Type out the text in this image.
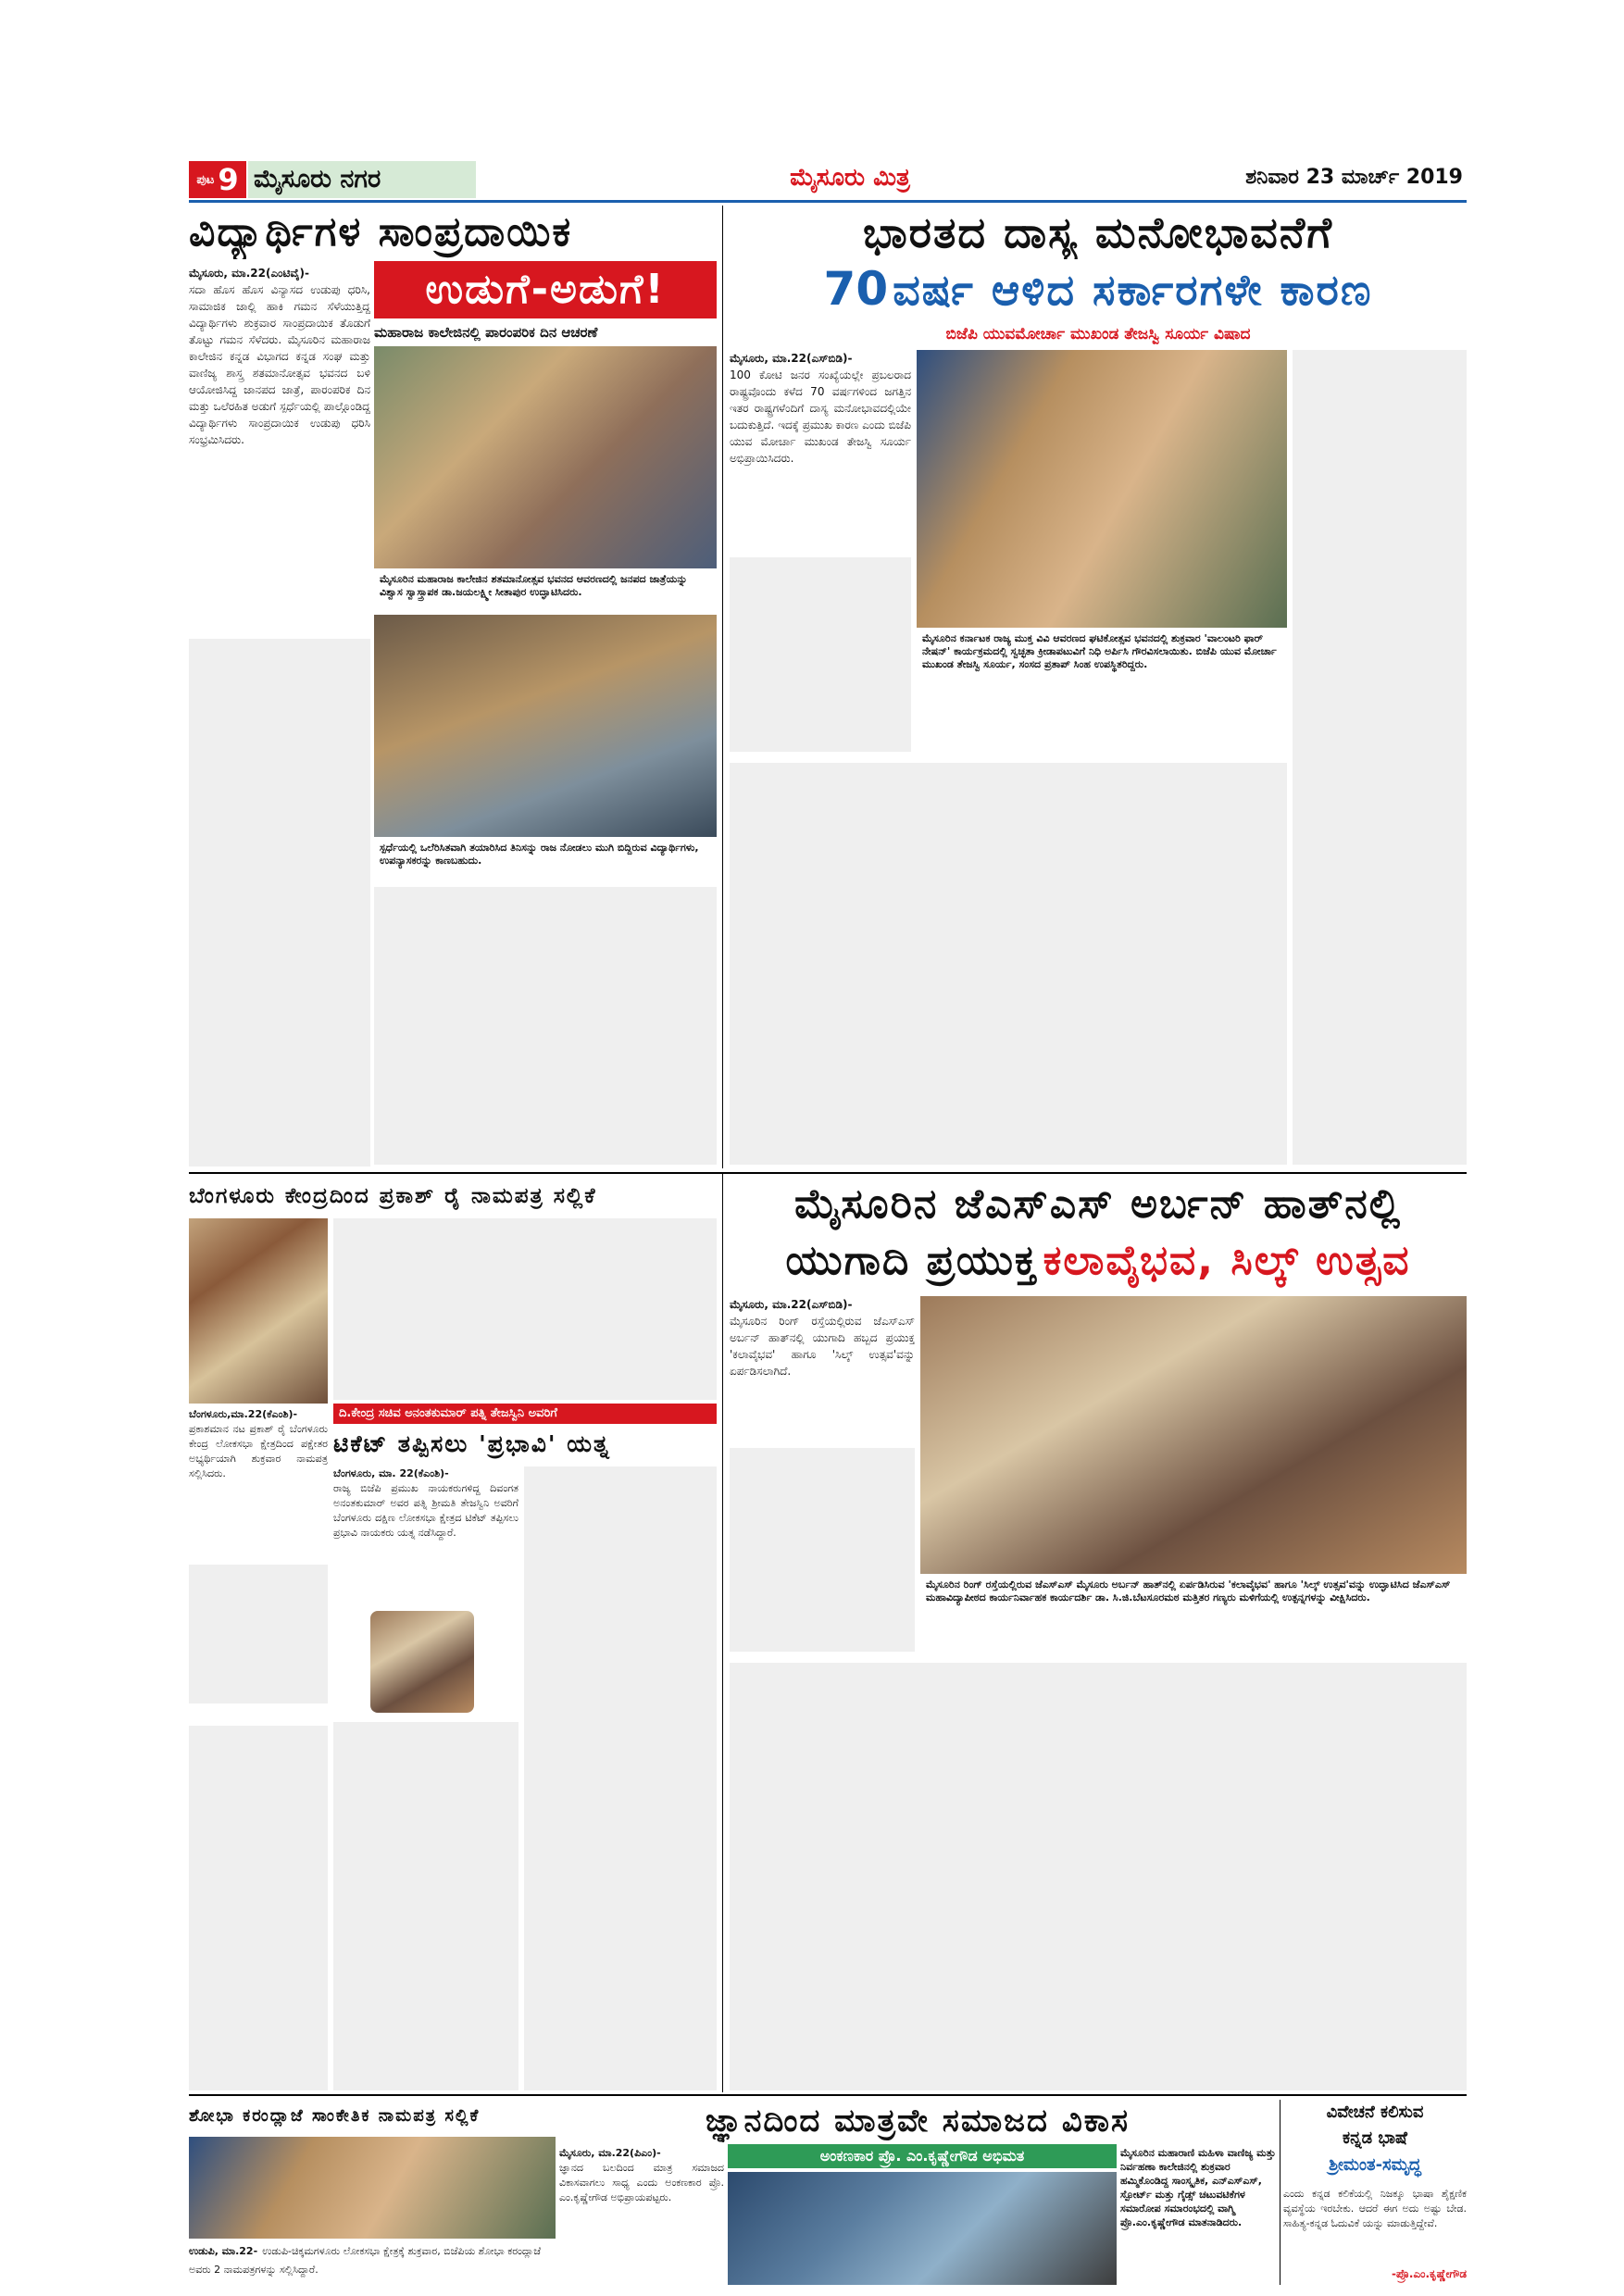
ಪುಟ 9 ಮೈಸೂರು ನಗರ	ಮೈಸೂರು ಮಿತ್ರ	ಶನಿವಾರ 23 ಮಾರ್ಚ್ 2019
ವಿದ್ಯಾರ್ಥಿಗಳ ಸಾಂಪ್ರದಾಯಿಕ
ಉಡುಗೆ-ಅಡುಗೆ!
ಮಹಾರಾಜ ಕಾಲೇಜಿನಲ್ಲಿ ಪಾರಂಪರಿಕ ದಿನ ಆಚರಣೆ
ಮೈಸೂರು, ಮಾ.22(ಎಂಟಿವೈ)-
ಸದಾ ಹೊಸ ಹೊಸ ವಿನ್ಯಾಸದ ಉಡುಪು ಧರಿಸಿ, ಸಾಮಾಜಿಕ ಜಾಲ್ಲಿ ಹಾಕಿ ಗಮನ ಸೆಳೆಯುತ್ತಿದ್ದ ವಿದ್ಯಾರ್ಥಿಗಳು ಶುಕ್ರವಾರ ಸಾಂಪ್ರದಾಯಿಕ ತೊಡುಗೆ ತೊಟ್ಟು ಗಮನ ಸೆಳೆದರು. ಮೈಸೂರಿನ ಮಹಾರಾಜ ಕಾಲೇಜಿನ ಕನ್ನಡ ವಿಭಾಗದ ಕನ್ನಡ ಸಂಘ ಮತ್ತು ವಾಣಿಜ್ಯ ಶಾಸ್ತ್ರ ಶತಮಾನೋತ್ಸವ ಭವನದ ಬಳಿ ಆಯೋಜಿಸಿದ್ದ ಜಾನಪದ ಜಾತ್ರೆ, ಪಾರಂಪರಿಕ ದಿನ ಮತ್ತು ಒಲೆರಹಿತ ಅಡುಗೆ ಸ್ಪರ್ಧೆಯಲ್ಲಿ ಪಾಲ್ಗೊಂಡಿದ್ದ ವಿದ್ಯಾರ್ಥಿಗಳು ಸಾಂಪ್ರದಾಯಿಕ ಉಡುಪು ಧರಿಸಿ ಸಂಭ್ರಮಿಸಿದರು.
ಮೈಸೂರಿನ ಮಹಾರಾಜ ಕಾಲೇಜಿನ ಶತಮಾನೋತ್ಸವ ಭವನದ ಆವರಣದಲ್ಲಿ ಜನಪದ ಜಾತ್ರೆಯನ್ನು ವಿಶ್ವಾಸ ಸ್ವಾಸ್ತ್ರಾಪಕ ಡಾ.ಜಯಲಕ್ಷ್ಮೀ ಸೀತಾಪುರ ಉದ್ಘಾಟಿಸಿದರು.
ಸ್ಪರ್ಧೆಯಲ್ಲಿ ಒಲೆರಿಸಿತವಾಗಿ ತಯಾರಿಸಿದ ತಿನಿಸನ್ನು ರಾಜ ನೋಡಲು ಮುಗಿ ಬಿದ್ದಿರುವ ವಿದ್ಯಾರ್ಥಿಗಳು, ಉಪನ್ಯಾಸಕರನ್ನು ಕಾಣಬಹುದು.
ಭಾರತದ ದಾಸ್ಯ ಮನೋಭಾವನೆಗೆ
70 ವರ್ಷ ಆಳಿದ ಸರ್ಕಾರಗಳೇ ಕಾರಣ
ಬಿಜೆಪಿ ಯುವಮೋರ್ಚಾ ಮುಖಂಡ ತೇಜಸ್ವಿ ಸೂರ್ಯ ವಿಷಾದ
ಮೈಸೂರು, ಮಾ.22(ಎಸ್‌ಬಿಡಿ)-
100 ಕೋಟಿ ಜನರ ಸಂಖ್ಯೆಯಲ್ಲೇ ಪ್ರಬಲರಾದ ರಾಷ್ಟ್ರವೊಂದು ಕಳೆದ 70 ವರ್ಷಗಳಿಂದ ಜಗತ್ತಿನ ಇತರ ರಾಷ್ಟ್ರಗಳೆಂದಿಗೆ ದಾಸ್ಯ ಮನೋಭಾವದಲ್ಲಿಯೇ ಬದುಕುತ್ತಿದೆ. ಇದಕ್ಕೆ ಪ್ರಮುಖ ಕಾರಣ ಎಂದು ಬಿಜೆಪಿ ಯುವ ಮೋರ್ಚಾ ಮುಖಂಡ ತೇಜಸ್ವಿ ಸೂರ್ಯ ಅಭಿಪ್ರಾಯಿಸಿದರು.
ಮೈಸೂರಿನ ಕರ್ನಾಟಕ ರಾಜ್ಯ ಮುಕ್ತ ವಿವಿ ಆವರಣದ ಘಟಿಕೋತ್ಸವ ಭವನದಲ್ಲಿ ಶುಕ್ರವಾರ 'ವಾಲಂಟರಿ ಫಾರ್ ನೇಷನ್' ಕಾರ್ಯಕ್ರಮದಲ್ಲಿ ಸ್ವಚ್ಛತಾ ಕ್ರೀಡಾಪಟುವಿಗೆ ನಿಧಿ ಅರ್ಪಿಸಿ ಗೌರವಿಸಲಾಯಿತು. ಬಿಜೆಪಿ ಯುವ ಮೋರ್ಚಾ ಮುಖಂಡ ತೇಜಸ್ವಿ ಸೂರ್ಯ, ಸಂಸದ ಪ್ರತಾಪ್ ಸಿಂಹ ಉಪಸ್ಥಿತರಿದ್ದರು.
ಬೆಂಗಳೂರು ಕೇಂದ್ರದಿಂದ ಪ್ರಕಾಶ್ ರೈ ನಾಮಪತ್ರ ಸಲ್ಲಿಕೆ
ಬೆಂಗಳೂರು,ಮಾ.22(ಕೆಎಂಶಿ)-
ಪ್ರಕಾಶಮಾನ ನಟ ಪ್ರಕಾಶ್ ರೈ ಬೆಂಗಳೂರು ಕೇಂದ್ರ ಲೋಕಸಭಾ ಕ್ಷೇತ್ರದಿಂದ ಪಕ್ಷೇತರ ಅಭ್ಯರ್ಥಿಯಾಗಿ ಶುಕ್ರವಾರ ನಾಮಪತ್ರ ಸಲ್ಲಿಸಿದರು.
ದಿ.ಕೇಂದ್ರ ಸಚಿವ ಅನಂತಕುಮಾರ್ ಪತ್ನಿ ತೇಜಸ್ವಿನಿ ಅವರಿಗೆ
ಟಿಕೆಟ್ ತಪ್ಪಿಸಲು 'ಪ್ರಭಾವಿ' ಯತ್ನ
ಬೆಂಗಳೂರು, ಮಾ. 22(ಕೆಎಂಶಿ)-
ರಾಜ್ಯ ಬಿಜೆಪಿ ಪ್ರಮುಖ ನಾಯಕರುಗಳಿದ್ದ ದಿವಂಗತ ಅನಂತಕುಮಾರ್ ಅವರ ಪತ್ನಿ ಶ್ರೀಮತಿ ತೇಜಸ್ವಿನಿ ಅವರಿಗೆ ಬೆಂಗಳೂರು ದಕ್ಷಿಣ ಲೋಕಸಭಾ ಕ್ಷೇತ್ರದ ಟಿಕೆಟ್ ತಪ್ಪಿಸಲು ಪ್ರಭಾವಿ ನಾಯಕರು ಯತ್ನ ನಡೆಸಿದ್ದಾರೆ.
ಮೈಸೂರಿನ ಜೆಎಸ್‌ಎಸ್ ಅರ್ಬನ್ ಹಾತ್‌ನಲ್ಲಿ
ಯುಗಾದಿ ಪ್ರಯುಕ್ತ ಕಲಾವೈಭವ, ಸಿಲ್ಕ್ ಉತ್ಸವ
ಮೈಸೂರು, ಮಾ.22(ಎಸ್‌ಬಿಡಿ)-
ಮೈಸೂರಿನ ರಿಂಗ್ ರಸ್ತೆಯಲ್ಲಿರುವ ಜೆಎಸ್‌ಎಸ್ ಅರ್ಬನ್ ಹಾತ್‌ನಲ್ಲಿ ಯುಗಾದಿ ಹಬ್ಬದ ಪ್ರಯುಕ್ತ 'ಕಲಾವೈಭವ' ಹಾಗೂ 'ಸಿಲ್ಕ್ ಉತ್ಸವ'ವನ್ನು ಏರ್ಪಡಿಸಲಾಗಿದೆ.
ಮೈಸೂರಿನ ರಿಂಗ್ ರಸ್ತೆಯಲ್ಲಿರುವ ಜೆಎಸ್‌ಎಸ್ ಮೈಸೂರು ಅರ್ಬನ್ ಹಾತ್‌ನಲ್ಲಿ ಏರ್ಪಡಿಸಿರುವ 'ಕಲಾವೈಭವ' ಹಾಗೂ 'ಸಿಲ್ಕ್ ಉತ್ಸವ'ವನ್ನು ಉದ್ಘಾಟಿಸಿದ ಜೆಎಸ್‌ಎಸ್ ಮಹಾವಿದ್ಯಾಪೀಠದ ಕಾರ್ಯನಿರ್ವಾಹಕ ಕಾರ್ಯದರ್ಶಿ ಡಾ. ಸಿ.ಜಿ.ಬೆಟಸೂರಮಠ ಮತ್ತಿತರ ಗಣ್ಯರು ಮಳಿಗೆಯಲ್ಲಿ ಉತ್ಪನ್ನಗಳನ್ನು ವೀಕ್ಷಿಸಿದರು.
ಶೋಭಾ ಕರಂದ್ಲಾಜೆ ಸಾಂಕೇತಿಕ ನಾಮಪತ್ರ ಸಲ್ಲಿಕೆ
ಉಡುಪಿ, ಮಾ.22- ಉಡುಪಿ-ಚಿಕ್ಕಮಗಳೂರು ಲೋಕಸಭಾ ಕ್ಷೇತ್ರಕ್ಕೆ ಶುಕ್ರವಾರ, ಬಿಜೆಪಿಯ ಶೋಭಾ ಕರಂದ್ಲಾಜೆ ಅವರು 2 ನಾಮಪತ್ರಗಳನ್ನು ಸಲ್ಲಿಸಿದ್ದಾರೆ.
ಜ್ಞಾನದಿಂದ ಮಾತ್ರವೇ ಸಮಾಜದ ವಿಕಾಸ
ಅಂಕಣಕಾರ ಪ್ರೊ. ಎಂ.ಕೃಷ್ಣೇಗೌಡ ಅಭಿಮತ
ಮೈಸೂರು, ಮಾ.22(ಪಿಎಂ)-
ಜ್ಞಾನದ ಬಲದಿಂದ ಮಾತ್ರ ಸಮಾಜದ ವಿಕಾಸವಾಗಲು ಸಾಧ್ಯ ಎಂದು ಅಂಕಣಕಾರ ಪ್ರೊ. ಎಂ.ಕೃಷ್ಣೇಗೌಡ ಅಭಿಪ್ರಾಯಪಟ್ಟರು.
ಮೈಸೂರಿನ ಮಹಾರಾಣಿ ಮಹಿಳಾ ವಾಣಿಜ್ಯ ಮತ್ತು ನಿರ್ವಹಣಾ ಕಾಲೇಜಿನಲ್ಲಿ ಶುಕ್ರವಾರ ಹಮ್ಮಿಕೊಂಡಿದ್ದ ಸಾಂಸ್ಕೃತಿಕ, ಎನ್‌ಎಸ್‌ಎಸ್, ಸ್ಪೋರ್ಟ್ ಮತ್ತು ಗೈಡ್ಸ್ ಚಟುವಟಿಕೆಗಳ ಸಮಾರೋಪ ಸಮಾರಂಭದಲ್ಲಿ ವಾಗ್ಮಿ ಪ್ರೊ.ಎಂ.ಕೃಷ್ಣೇಗೌಡ ಮಾತನಾಡಿದರು.
ವಿವೇಚನೆ ಕಲಿಸುವ
ಕನ್ನಡ ಭಾಷೆ
ಶ್ರೀಮಂತ-ಸಮೃದ್ಧ
ಎಂದು ಕನ್ನಡ ಕಲಿಕೆಯಲ್ಲಿ ನಿಜಕ್ಕೂ ಭಾಷಾ ಶೈಕ್ಷಣಿಕ ವ್ಯವಸ್ಥೆಯ ಇರಬೇಕು. ಆದರೆ ಈಗ ಅದು ಅಷ್ಟು ಬೇಡ. ಸಾಹಿತ್ಯ-ಕನ್ನಡ ಓದುವಿಕೆ ಯನ್ನು ಮಾಡುತ್ತಿದ್ದೇವೆ.
-ಪ್ರೊ.ಎಂ.ಕೃಷ್ಣೇಗೌಡ
